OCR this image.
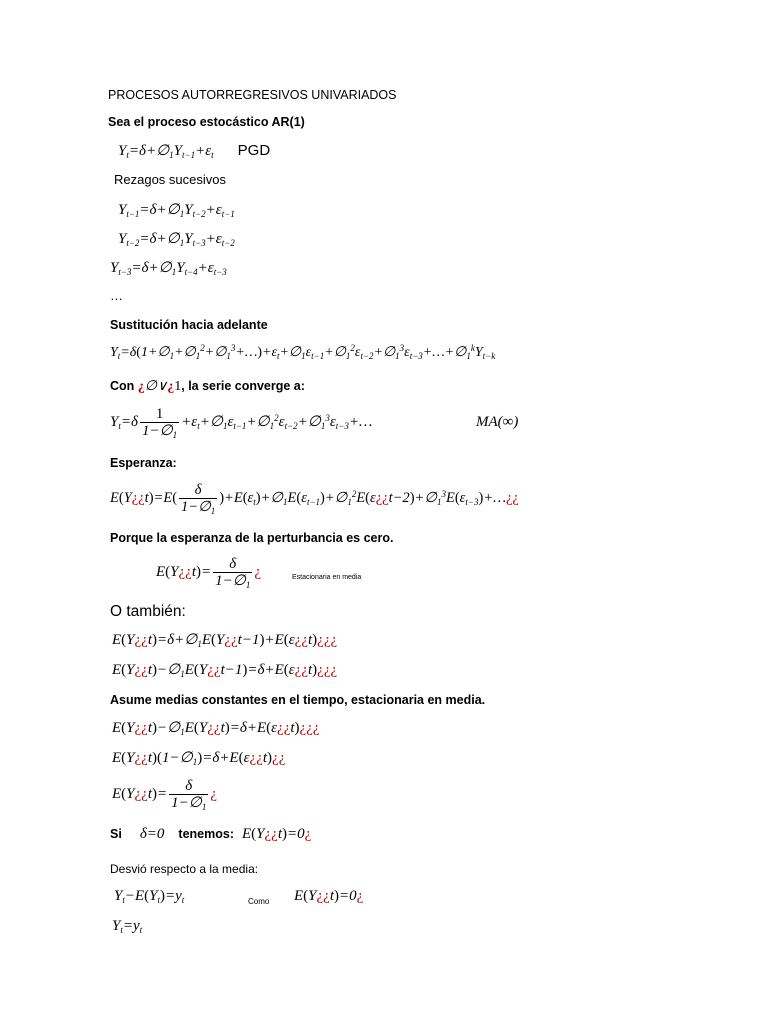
PROCESOS AUTORREGRESIVOS UNIVARIADOS
Sea el proceso estocástico AR(1)
$Y_t=\delta+\emptyset_1Y_{t-1}+\varepsilon_t$ PGD
Rezagos sucesivos
$Y_{t-1}=\delta+\emptyset_1Y_{t-2}+\varepsilon_{t-1}$
$Y_{t-2}=\delta+\emptyset_1Y_{t-3}+\varepsilon_{t-2}$
$Y_{t-3}=\delta+\emptyset_1Y_{t-4}+\varepsilon_{t-3}$
…
Sustitución hacia adelante
$Y_t=\delta(1+\emptyset_1+\emptyset_1^2+\emptyset_1^3+\dots)+\varepsilon_t+\emptyset_1\varepsilon_{t-1}+\emptyset_1^2\varepsilon_{t-2}+\emptyset_1^3\varepsilon_{t-3}+\dots+\emptyset_1^kY_{t-k}$
Con ¿∅∨¿1, la serie converge a:
$Y_t=\delta \frac{1}{1-\emptyset_1}$ $+\varepsilon_t+\emptyset_1\varepsilon_{t-1}+\emptyset_1^2\varepsilon_{t-2}+\emptyset_1^3\varepsilon_{t-3}+\dots$	MA(∞)
Esperanza:
E(Y¿¿t)=E( $\frac{\delta}{1-\emptyset_1}$ )$+E(\varepsilon_t)+\emptyset_1E(\varepsilon_{t-1})+\emptyset_1^2E(\varepsilon¿¿t-2)+\emptyset_1^3E(\varepsilon_{t-3})+\dots¿¿$
Porque la esperanza de la perturbancia es cero.
E(Y¿¿t)= $\frac{\delta}{1-\emptyset_1}$ ¿	Estacionaria en media
O también:
$E(Y¿¿t)=\delta+\emptyset_1E(Y¿¿t-1)+E(\varepsilon¿¿t)¿¿¿$
$E(Y¿¿t)-\emptyset_1E(Y¿¿t-1)=\delta+E(\varepsilon¿¿t)¿¿¿$
Asume medias constantes en el tiempo, estacionaria en media.
$E(Y¿¿t)-\emptyset_1E(Y¿¿t)=\delta+E(\varepsilon¿¿t)¿¿¿$
$E(Y¿¿t)(1-\emptyset_1)=\delta+E(\varepsilon¿¿t)¿¿$
E(Y¿¿t)= $\frac{\delta}{1-\emptyset_1}$ ¿
Si δ=0 tenemos: E(Y¿¿t)=0¿
Desvió respecto a la media:
$Y_t-E(Y_t)=y_t$	Como E(Y¿¿t)=0¿
$Y_t=y_t$
